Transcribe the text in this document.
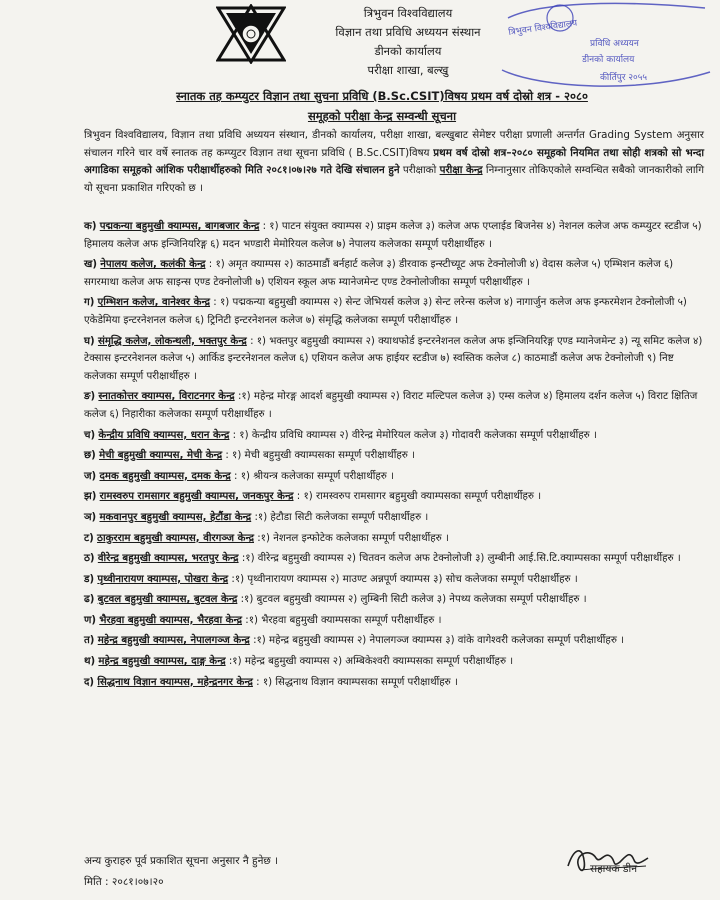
त्रिभुवन विश्वविद्यालय
विज्ञान तथा प्रविधि अध्ययन संस्थान
डीनको कार्यालय
परीक्षा शाखा, बल्खु
त्रिभुवन विश्वविद्यालय
प्रविधि अध्ययन
डीनको कार्यालय
कीर्तिपुर २०५५
स्नातक तह कम्प्युटर विज्ञान तथा सुचना प्रविधि (B.Sc.CSIT)विषय प्रथम वर्ष दोस्रो शत्र - २०८०
समूहको परीक्षा केन्द्र सम्वन्धी सूचना
त्रिभुवन विश्वविद्यालय, विज्ञान तथा प्रविधि अध्ययन संस्थान, डीनको कार्यालय, परीक्षा शाखा, बल्खुबाट सेमेष्टर परीक्षा प्रणाली अन्तर्गत Grading System अनुसार संचालन गरिने चार वर्षे स्नातक तह कम्प्युटर विज्ञान तथा सूचना प्रविधि ( B.Sc.CSIT)विषय प्रथम वर्ष दोस्रो शत्र–२०८० समूहको नियमित तथा सोही शत्रको सो भन्दा अगाडिका समूहको आंशिक परीक्षार्थीहरुको मिति २०८१।०७।२७ गते देखि संचालन हुने परीक्षाको परीक्षा केन्द्र निम्नानुसार तोकिएकोले सम्वन्धित सबैको जानकारीको लागि यो सूचना प्रकाशित गरिएको छ ।

क) पद्मकन्या बहुमुखी क्याम्पस, बागबजार केन्द्र : १) पाटन संयुक्त क्याम्पस २) प्राइम कलेज ३) कलेज अफ एप्लाईड बिजनेस ४) नेशनल कलेज अफ कम्प्युटर स्टडीज ५) हिमालय कलेज अफ इन्जिनियरिङ्ग ६) मदन भण्डारी मेमोरियल कलेज ७) नेपालय कलेजका सम्पूर्ण परीक्षार्थीहरु ।

ख) नेपालय कलेज, कलंकी केन्द्र : १) अमृत क्याम्पस २) काठमाडौं बर्नहार्ट कलेज ३) डीरवाक इन्स्टीच्यूट अफ टेक्नोलोजी ४) वेदास कलेज ५) एम्भिशन कलेज ६) सगरमाथा कलेज अफ साइन्स एण्ड टेक्नोलोजी ७) एशियन स्कूल अफ म्यानेजमेन्ट एण्ड टेक्नोलोजीका सम्पूर्ण परीक्षार्थीहरु ।

ग) एम्भिशन कलेज, वानेश्वर केन्द्र : १) पद्मकन्या बहुमुखी क्याम्पस २) सेन्ट जेभियर्स कलेज ३) सेन्ट लरेन्स कलेज ४) नागार्जुन कलेज अफ इन्फरमेशन टेक्नोलोजी ५) एकेडेमिया इन्टरनेशनल कलेज ६) ट्रिनिटी इन्टरनेशनल कलेज ७) संमृद्धि कलेजका सम्पूर्ण परीक्षार्थीहरु ।

घ) संमृद्धि कलेज, लोकन्थली, भक्तपुर केन्द्र : १) भक्तपुर बहुमुखी क्याम्पस २) क्याथफोर्ड इन्टरनेशनल कलेज अफ इन्जिनियरिङ्ग एण्ड म्यानेजमेन्ट ३) न्यू समिट कलेज ४) टेक्सास इन्टरनेशनल कलेज ५) आर्किड इन्टरनेशनल कलेज ६) एशियन कलेज अफ हाईयर स्टडीज ७) स्वस्तिक कलेज ८) काठमाडौं कलेज अफ टेक्नोलोजी ९) निष्ट कलेजका सम्पूर्ण परीक्षार्थीहरु ।

ङ) स्नातकोत्तर क्याम्पस, विराटनगर केन्द्र :१) महेन्द्र मोरङ्ग आदर्श बहुमुखी क्याम्पस २) विराट मल्टिपल कलेज ३) एम्स कलेज ४) हिमालय दर्शन कलेज ५) विराट क्षितिज कलेज ६) निहारीका कलेजका सम्पूर्ण परीक्षार्थीहरु ।

च) केन्द्रीय प्रविधि क्याम्पस, धरान केन्द्र : १) केन्द्रीय प्रविधि क्याम्पस २) वीरेन्द्र मेमोरियल कलेज ३) गोदावरी कलेजका सम्पूर्ण परीक्षार्थीहरु ।

छ) मेची बहुमुखी क्याम्पस, मेची केन्द्र : १) मेची बहुमुखी क्याम्पसका सम्पूर्ण परीक्षार्थीहरु ।

ज) दमक बहुमुखी क्याम्पस, दमक केन्द्र : १) श्रीयन्त्र कलेजका सम्पूर्ण परीक्षार्थीहरु ।

झ) रामस्वरुप रामसागर बहुमुखी क्याम्पस, जनकपुर केन्द्र : १) रामस्वरुप रामसागर बहुमुखी क्याम्पसका सम्पूर्ण परीक्षार्थीहरु ।

ञ) मकवानपुर बहुमुखी क्याम्पस, हेटौंडा केन्द्र :१) हेटौडा सिटी कलेजका सम्पूर्ण परीक्षार्थीहरु ।

ट) ठाकुरराम बहुमुखी क्याम्पस, वीरगञ्ज केन्द्र :१) नेशनल इन्फोटेक कलेजका सम्पूर्ण परीक्षार्थीहरु ।

ठ) वीरेन्द्र बहुमुखी क्याम्पस, भरतपुर केन्द्र :१) वीरेन्द्र बहुमुखी क्याम्पस २) चितवन कलेज अफ टेक्नोलोजी ३) लुम्बीनी आई.सि.टि.क्याम्पसका सम्पूर्ण परीक्षार्थीहरु ।

ड) पृथ्वीनारायण क्याम्पस, पोखरा केन्द्र :१) पृथ्वीनारायण क्याम्पस २) माउण्ट अन्नपूर्ण क्याम्पस ३) सोच कलेजका सम्पूर्ण परीक्षार्थीहरु ।

ढ) बुटवल बहुमुखी क्याम्पस, बुटवल केन्द्र :१) बुटवल बहुमुखी क्याम्पस २) लुम्बिनी सिटी कलेज ३) नेपथ्य कलेजका सम्पूर्ण परीक्षार्थीहरु ।

ण) भैरहवा बहुमुखी क्याम्पस, भैरहवा केन्द्र :१) भैरहवा बहुमुखी क्याम्पसका सम्पूर्ण परीक्षार्थीहरु ।

त) महेन्द्र बहुमुखी क्याम्पस, नेपालगञ्ज केन्द्र :१) महेन्द्र बहुमुखी क्याम्पस २) नेपालगञ्ज क्याम्पस ३) वांके वागेश्वरी कलेजका सम्पूर्ण परीक्षार्थीहरु ।

थ) महेन्द्र बहुमुखी क्याम्पस, दाङ्ग केन्द्र :१) महेन्द्र बहुमुखी क्याम्पस २) अम्बिकेश्वरी क्याम्पसका सम्पूर्ण परीक्षार्थीहरु ।

द) सिद्धनाथ विज्ञान क्याम्पस, महेन्द्रनगर केन्द्र : १) सिद्धनाथ विज्ञान क्याम्पसका सम्पूर्ण परीक्षार्थीहरु ।

अन्य कुराहरु पूर्व प्रकाशित सूचना अनुसार नै हुनेछ ।
मिति : २०८१।०७।२०
सहायक डीन
